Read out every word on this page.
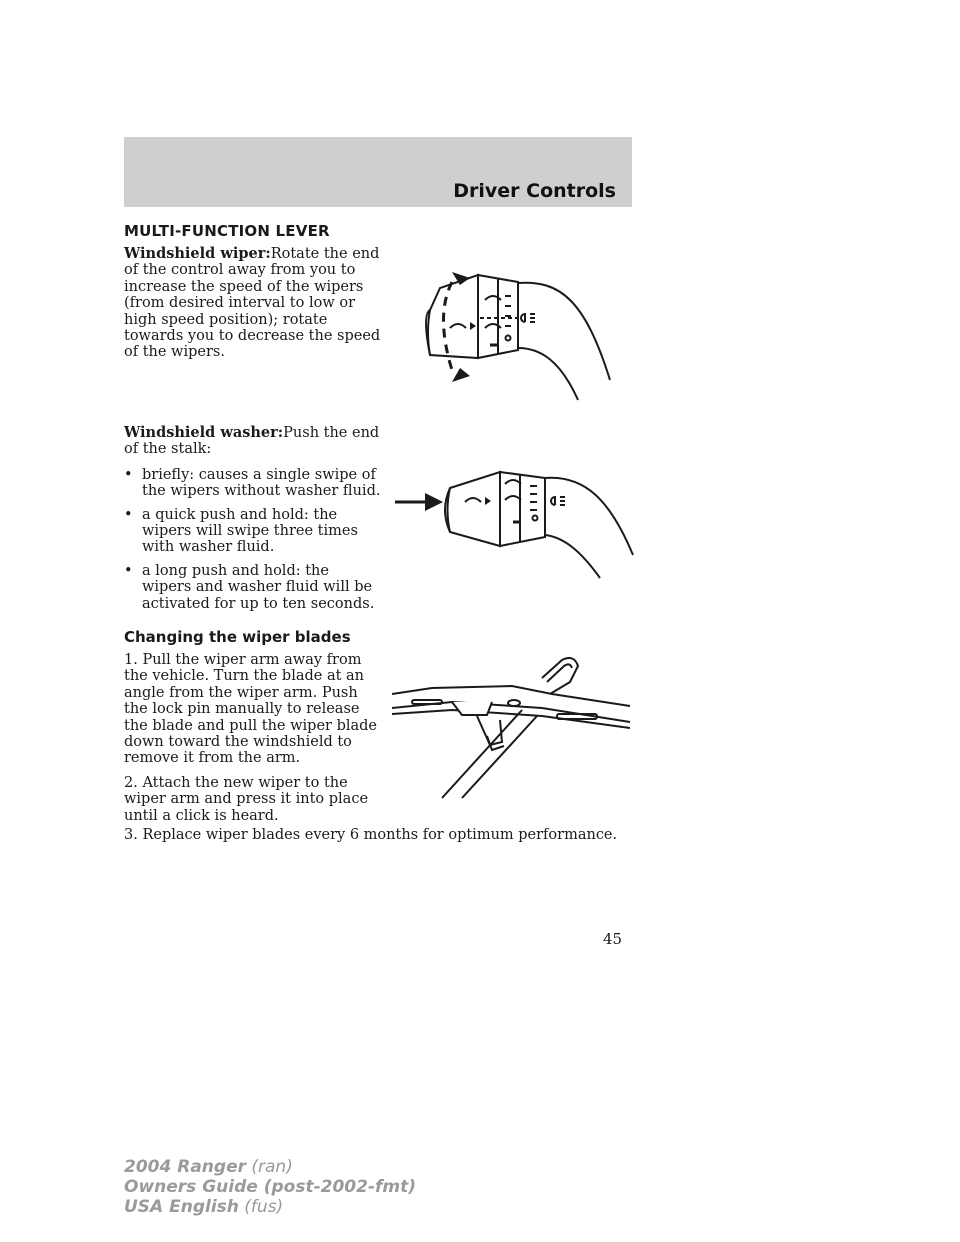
Driver Controls
MULTI-FUNCTION LEVER

Windshield wiper:Rotate the end of the control away from you to increase the speed of the wipers (from desired interval to low or high speed position); rotate towards you to decrease the speed of the wipers.

Windshield washer:Push the end of the stalk:

• briefly: causes a single swipe of the wipers without washer fluid.
• a quick push and hold: the wipers will swipe three times with washer fluid.
• a long push and hold: the wipers and washer fluid will be activated for up to ten seconds.
Changing the wiper blades

1. Pull the wiper arm away from the vehicle. Turn the blade at an angle from the wiper arm. Push the lock pin manually to release the blade and pull the wiper blade down toward the windshield to remove it from the arm.

2. Attach the new wiper to the wiper arm and press it into place until a click is heard.

3. Replace wiper blades every 6 months for optimum performance.

45

2004 Ranger (ran)
Owners Guide (post-2002-fmt)
USA English (fus)
